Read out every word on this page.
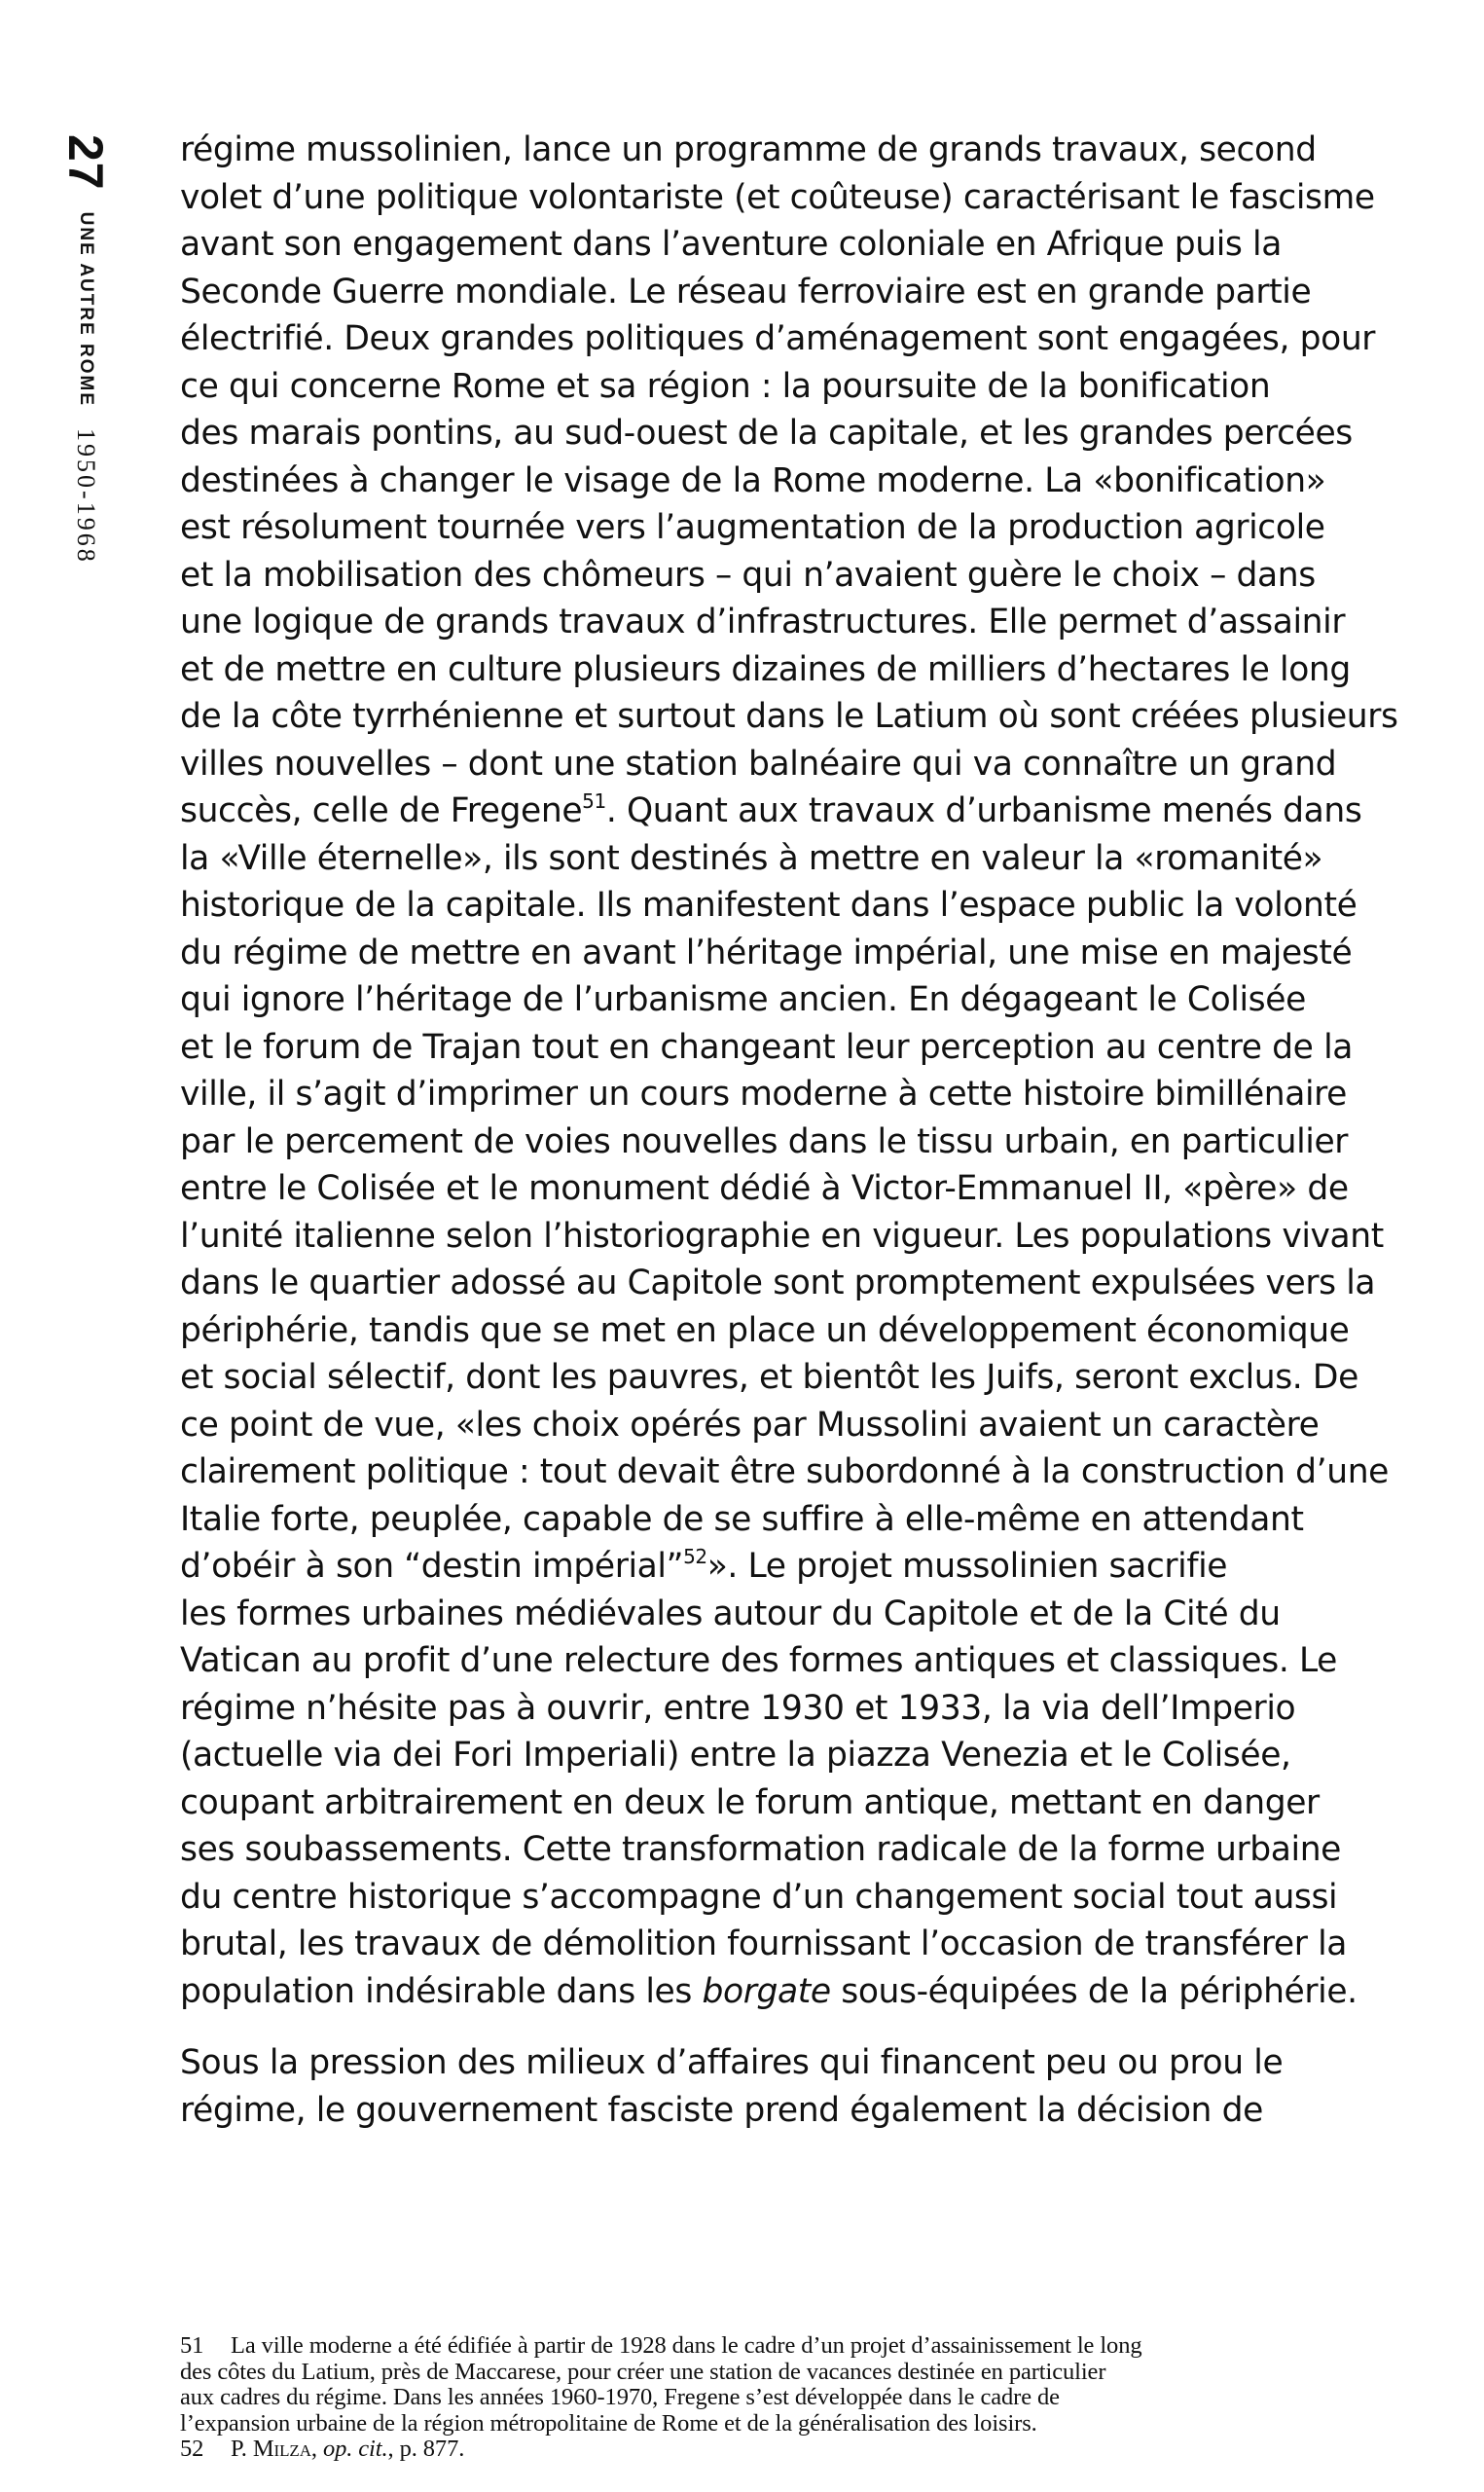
27
UNE AUTRE ROME
1950-1968

régime mussolinien, lance un programme de grands travaux, second
volet d’une politique volontariste (et coûteuse) caractérisant le fascisme
avant son engagement dans l’aventure coloniale en Afrique puis la
Seconde Guerre mondiale. Le réseau ferroviaire est en grande partie
électrifié. Deux grandes politiques d’aménagement sont engagées, pour
ce qui concerne Rome et sa région : la poursuite de la bonification
des marais pontins, au sud-ouest de la capitale, et les grandes percées
destinées à changer le visage de la Rome moderne. La «bonification»
est résolument tournée vers l’augmentation de la production agricole
et la mobilisation des chômeurs – qui n’avaient guère le choix – dans
une logique de grands travaux d’infrastructures. Elle permet d’assainir
et de mettre en culture plusieurs dizaines de milliers d’hectares le long
de la côte tyrrhénienne et surtout dans le Latium où sont créées plusieurs
villes nouvelles – dont une station balnéaire qui va connaître un grand
succès, celle de Fregene$^{51}$. Quant aux travaux d’urbanisme menés dans
la «Ville éternelle», ils sont destinés à mettre en valeur la «romanité»
historique de la capitale. Ils manifestent dans l’espace public la volonté
du régime de mettre en avant l’héritage impérial, une mise en majesté
qui ignore l’héritage de l’urbanisme ancien. En dégageant le Colisée
et le forum de Trajan tout en changeant leur perception au centre de la
ville, il s’agit d’imprimer un cours moderne à cette histoire bimillénaire
par le percement de voies nouvelles dans le tissu urbain, en particulier
entre le Colisée et le monument dédié à Victor-Emmanuel II, «père» de
l’unité italienne selon l’historiographie en vigueur. Les populations vivant
dans le quartier adossé au Capitole sont promptement expulsées vers la
périphérie, tandis que se met en place un développement économique
et social sélectif, dont les pauvres, et bientôt les Juifs, seront exclus. De
ce point de vue, «les choix opérés par Mussolini avaient un caractère
clairement politique : tout devait être subordonné à la construction d’une
Italie forte, peuplée, capable de se suffire à elle-même en attendant
d’obéir à son “destin impérial”$^{52}$». Le projet mussolinien sacrifie
les formes urbaines médiévales autour du Capitole et de la Cité du
Vatican au profit d’une relecture des formes antiques et classiques. Le
régime n’hésite pas à ouvrir, entre 1930 et 1933, la via dell’Imperio
(actuelle via dei Fori Imperiali) entre la piazza Venezia et le Colisée,
coupant arbitrairement en deux le forum antique, mettant en danger
ses soubassements. Cette transformation radicale de la forme urbaine
du centre historique s’accompagne d’un changement social tout aussi
brutal, les travaux de démolition fournissant l’occasion de transférer la
population indésirable dans les borgate sous-équipées de la périphérie.

Sous la pression des milieux d’affaires qui financent peu ou prou le
régime, le gouvernement fasciste prend également la décision de

51 La ville moderne a été édifiée à partir de 1928 dans le cadre d’un projet d’assainissement le long
des côtes du Latium, près de Maccarese, pour créer une station de vacances destinée en particulier
aux cadres du régime. Dans les années 1960-1970, Fregene s’est développée dans le cadre de
l’expansion urbaine de la région métropolitaine de Rome et de la généralisation des loisirs.
52 P. Milza, op. cit., p. 877.
